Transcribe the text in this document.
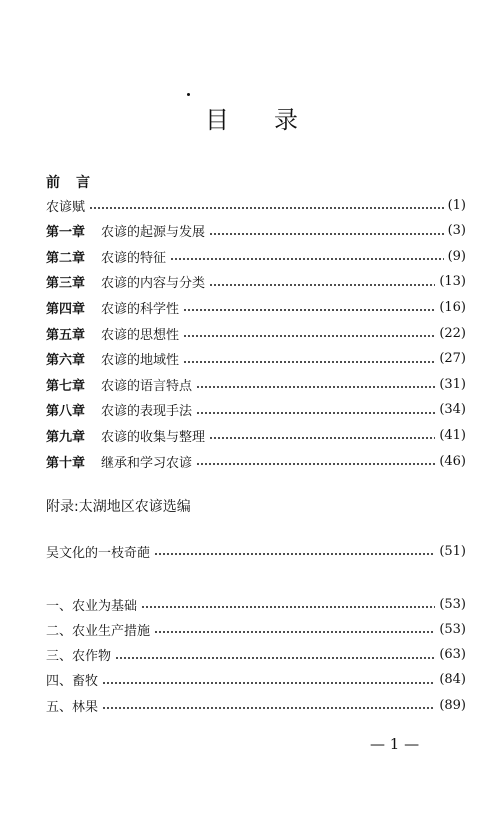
目 录
前 言
农谚赋	(1)
第一章 农谚的起源与发展	(3)
第二章 农谚的特征	(9)
第三章 农谚的内容与分类	(13)
第四章 农谚的科学性	(16)
第五章 农谚的思想性	(22)
第六章 农谚的地域性	(27)
第七章 农谚的语言特点	(31)
第八章 农谚的表现手法	(34)
第九章 农谚的收集与整理	(41)
第十章 继承和学习农谚	(46)
附录:太湖地区农谚选编
吴文化的一枝奇葩	(51)
一、农业为基础	(53)
二、农业生产措施	(53)
三、农作物	(63)
四、畜牧	(84)
五、林果	(89)
— 1 —
